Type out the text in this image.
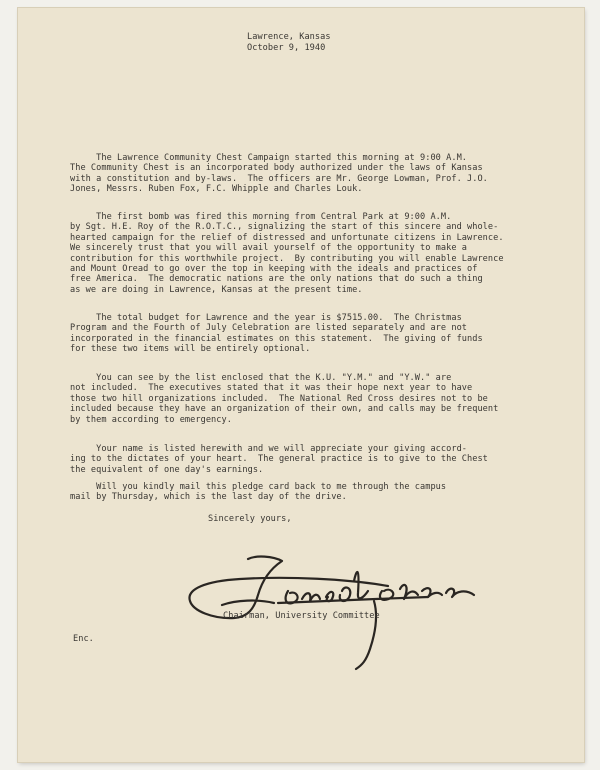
Lawrence, Kansas
October 9, 1940
The Lawrence Community Chest Campaign started this morning at 9:00 A.M.
The Community Chest is an incorporated body authorized under the laws of Kansas
with a constitution and by-laws.  The officers are Mr. George Lowman, Prof. J.O.
Jones, Messrs. Ruben Fox, F.C. Whipple and Charles Louk.
The first bomb was fired this morning from Central Park at 9:00 A.M.
by Sgt. H.E. Roy of the R.O.T.C., signalizing the start of this sincere and whole-
hearted campaign for the relief of distressed and unfortunate citizens in Lawrence.
We sincerely trust that you will avail yourself of the opportunity to make a
contribution for this worthwhile project.  By contributing you will enable Lawrence
and Mount Oread to go over the top in keeping with the ideals and practices of
free America.  The democratic nations are the only nations that do such a thing
as we are doing in Lawrence, Kansas at the present time.
The total budget for Lawrence and the year is $7515.00.  The Christmas
Program and the Fourth of July Celebration are listed separately and are not
incorporated in the financial estimates on this statement.  The giving of funds
for these two items will be entirely optional.
You can see by the list enclosed that the K.U. "Y.M." and "Y.W." are
not included.  The executives stated that it was their hope next year to have
those two hill organizations included.  The National Red Cross desires not to be
included because they have an organization of their own, and calls may be frequent
by them according to emergency.
Your name is listed herewith and we will appreciate your giving accord-
ing to the dictates of your heart.  The general practice is to give to the Chest
the equivalent of one day's earnings.
Will you kindly mail this pledge card back to me through the campus
mail by Thursday, which is the last day of the drive.
Sincerely yours,
Chairman, University Committee
Enc.
